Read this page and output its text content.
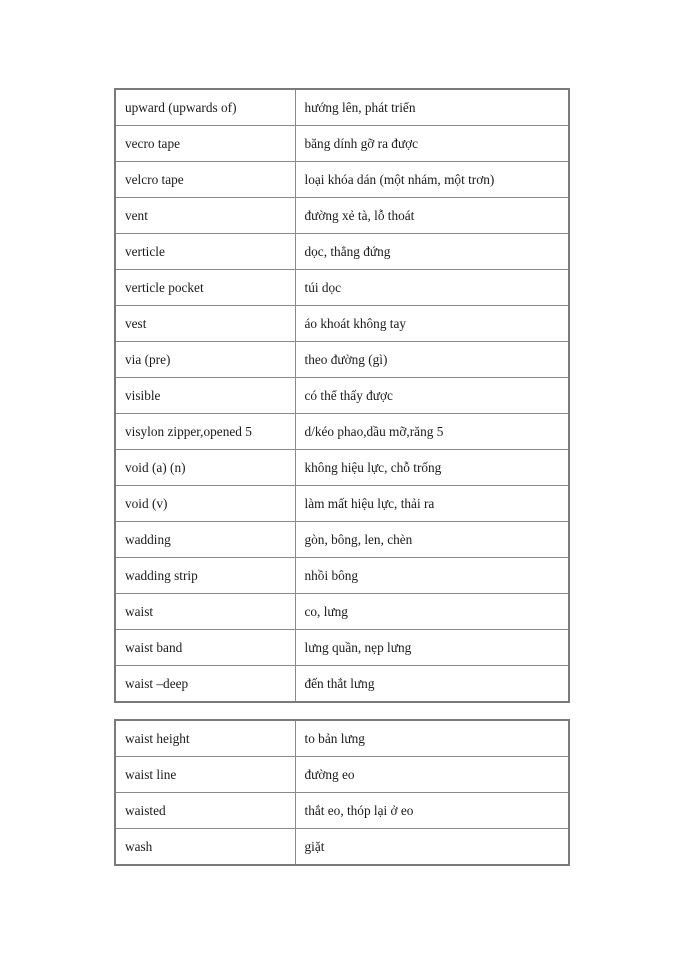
upward (upwards of)	hướng lên, phát triển
vecro tape	băng dính gỡ ra được
velcro tape	loại khóa dán (một nhám, một trơn)
vent	đường xẻ tà, lỗ thoát
verticle	dọc, thẳng đứng
verticle pocket	túi dọc
vest	áo khoát không tay
via (pre)	theo đường (gì)
visible	có thể thấy được
visylon zipper,opened 5	d/kéo phao,dầu mỡ,răng 5
void (a) (n)	không hiệu lực, chỗ trống
void (v)	làm mất hiệu lực, thải ra
wadding	gòn, bông, len, chèn
wadding strip	nhồi bông
waist	co, lưng
waist band	lưng quần, nẹp lưng
waist –deep	đến thắt lưng
waist height	to bản lưng
waist line	đường eo
waisted	thắt eo, thóp lại ở eo
wash	giặt
